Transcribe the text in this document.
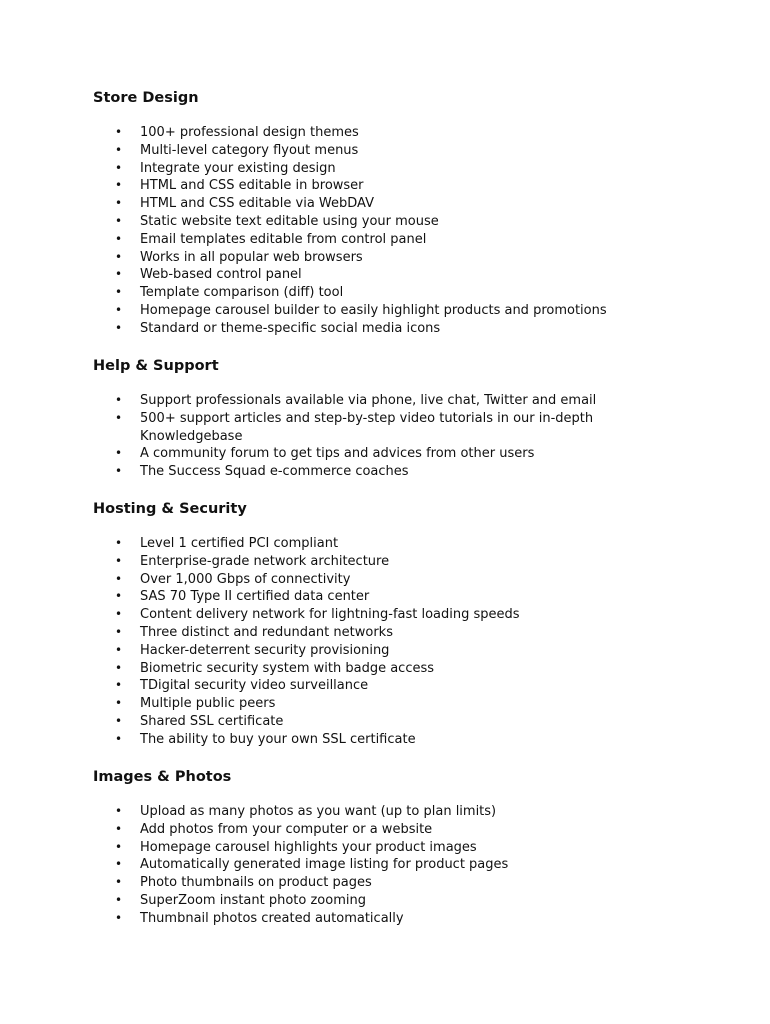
Store Design
• 100+ professional design themes
• Multi-level category flyout menus
• Integrate your existing design
• HTML and CSS editable in browser
• HTML and CSS editable via WebDAV
• Static website text editable using your mouse
• Email templates editable from control panel
• Works in all popular web browsers
• Web-based control panel
• Template comparison (diff) tool
• Homepage carousel builder to easily highlight products and promotions
• Standard or theme-specific social media icons
Help & Support
• Support professionals available via phone, live chat, Twitter and email
• 500+ support articles and step-by-step video tutorials in our in-depth Knowledgebase
• A community forum to get tips and advices from other users
• The Success Squad e-commerce coaches
Hosting & Security
• Level 1 certified PCI compliant
• Enterprise-grade network architecture
• Over 1,000 Gbps of connectivity
• SAS 70 Type II certified data center
• Content delivery network for lightning-fast loading speeds
• Three distinct and redundant networks
• Hacker-deterrent security provisioning
• Biometric security system with badge access
• TDigital security video surveillance
• Multiple public peers
• Shared SSL certificate
• The ability to buy your own SSL certificate
Images & Photos
• Upload as many photos as you want (up to plan limits)
• Add photos from your computer or a website
• Homepage carousel highlights your product images
• Automatically generated image listing for product pages
• Photo thumbnails on product pages
• SuperZoom instant photo zooming
• Thumbnail photos created automatically
